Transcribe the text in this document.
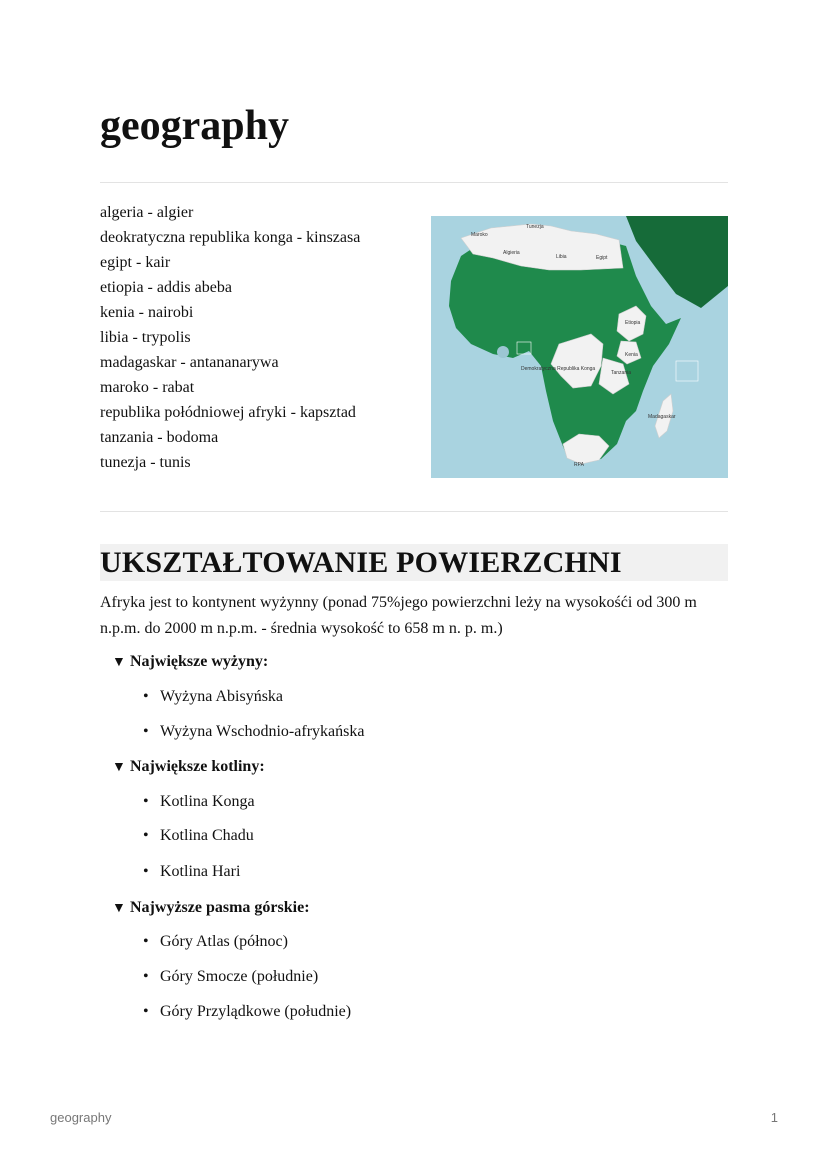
geography
algeria - algier
deokratyczna republika konga - kinszasa
egipt - kair
etiopia - addis abeba
kenia - nairobi
libia - trypolis
madagaskar - antananarywa
maroko - rabat
republika połódniowej afryki - kapsztad
tanzania - bodoma
tunezja - tunis
Maroko
Tunezja
Algieria
Libia	Egipt
Etiopia
Kenia
Demokratyczna Republika Konga
Tanzania
Madagaskar
RPA
UKSZTAŁTOWANIE POWIERZCHNI
Afryka jest to kontynent wyżynny (ponad 75%jego powierzchni leży na wysokośći od 300 m n.p.m. do 2000 m n.p.m. - średnia wysokość to 658 m n. p. m.)
▼ Największe wyżyny:
• Wyżyna Abisyńska
• Wyżyna Wschodnio-afrykańska
▼ Największe kotliny:
• Kotlina Konga
• Kotlina Chadu
• Kotlina Hari
▼ Najwyższe pasma górskie:
• Góry Atlas (północ)
• Góry Smocze (południe)
• Góry Przylądkowe (południe)
geography	1
